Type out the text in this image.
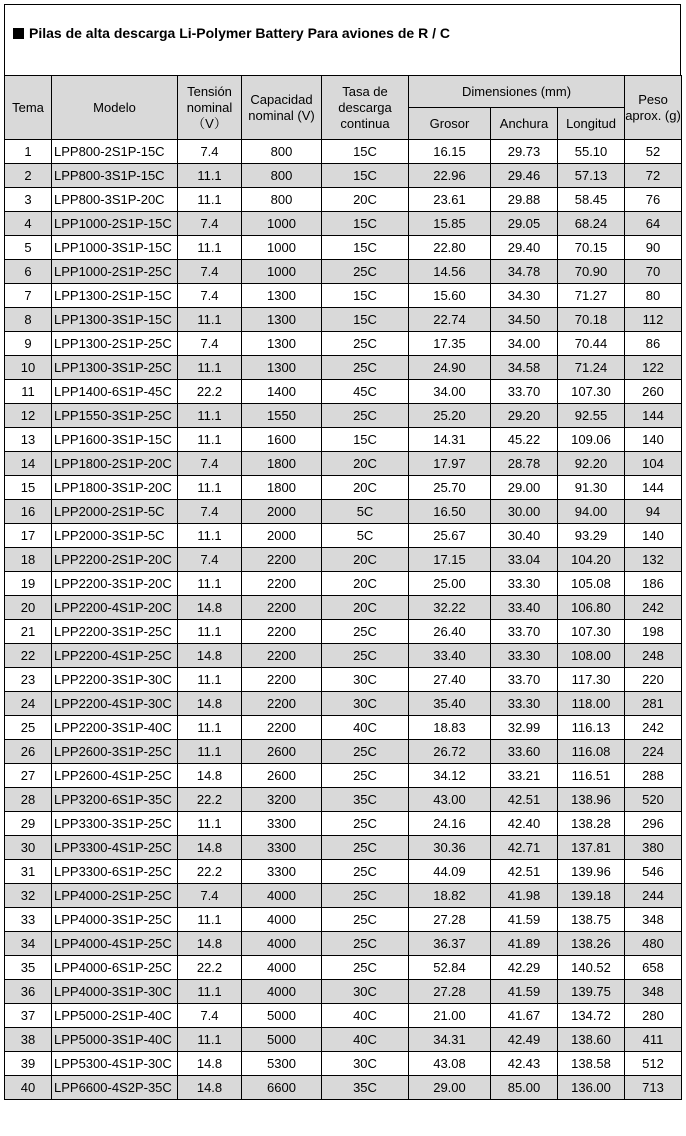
Pilas de alta descarga Li-Polymer Battery Para aviones de R / C
Tema	Modelo	Tensión nominal （V）	Capacidad nominal (V)	Tasa de descarga continua	Dimensiones (mm)			Peso aprox. (g)
					Grosor	Anchura	Longitud	
1	LPP800-2S1P-15C	7.4	800	15C	16.15	29.73	55.10	52
2	LPP800-3S1P-15C	11.1	800	15C	22.96	29.46	57.13	72
3	LPP800-3S1P-20C	11.1	800	20C	23.61	29.88	58.45	76
4	LPP1000-2S1P-15C	7.4	1000	15C	15.85	29.05	68.24	64
5	LPP1000-3S1P-15C	11.1	1000	15C	22.80	29.40	70.15	90
6	LPP1000-2S1P-25C	7.4	1000	25C	14.56	34.78	70.90	70
7	LPP1300-2S1P-15C	7.4	1300	15C	15.60	34.30	71.27	80
8	LPP1300-3S1P-15C	11.1	1300	15C	22.74	34.50	70.18	112
9	LPP1300-2S1P-25C	7.4	1300	25C	17.35	34.00	70.44	86
10	LPP1300-3S1P-25C	11.1	1300	25C	24.90	34.58	71.24	122
11	LPP1400-6S1P-45C	22.2	1400	45C	34.00	33.70	107.30	260
12	LPP1550-3S1P-25C	11.1	1550	25C	25.20	29.20	92.55	144
13	LPP1600-3S1P-15C	11.1	1600	15C	14.31	45.22	109.06	140
14	LPP1800-2S1P-20C	7.4	1800	20C	17.97	28.78	92.20	104
15	LPP1800-3S1P-20C	11.1	1800	20C	25.70	29.00	91.30	144
16	LPP2000-2S1P-5C	7.4	2000	5C	16.50	30.00	94.00	94
17	LPP2000-3S1P-5C	11.1	2000	5C	25.67	30.40	93.29	140
18	LPP2200-2S1P-20C	7.4	2200	20C	17.15	33.04	104.20	132
19	LPP2200-3S1P-20C	11.1	2200	20C	25.00	33.30	105.08	186
20	LPP2200-4S1P-20C	14.8	2200	20C	32.22	33.40	106.80	242
21	LPP2200-3S1P-25C	11.1	2200	25C	26.40	33.70	107.30	198
22	LPP2200-4S1P-25C	14.8	2200	25C	33.40	33.30	108.00	248
23	LPP2200-3S1P-30C	11.1	2200	30C	27.40	33.70	117.30	220
24	LPP2200-4S1P-30C	14.8	2200	30C	35.40	33.30	118.00	281
25	LPP2200-3S1P-40C	11.1	2200	40C	18.83	32.99	116.13	242
26	LPP2600-3S1P-25C	11.1	2600	25C	26.72	33.60	116.08	224
27	LPP2600-4S1P-25C	14.8	2600	25C	34.12	33.21	116.51	288
28	LPP3200-6S1P-35C	22.2	3200	35C	43.00	42.51	138.96	520
29	LPP3300-3S1P-25C	11.1	3300	25C	24.16	42.40	138.28	296
30	LPP3300-4S1P-25C	14.8	3300	25C	30.36	42.71	137.81	380
31	LPP3300-6S1P-25C	22.2	3300	25C	44.09	42.51	139.96	546
32	LPP4000-2S1P-25C	7.4	4000	25C	18.82	41.98	139.18	244
33	LPP4000-3S1P-25C	11.1	4000	25C	27.28	41.59	138.75	348
34	LPP4000-4S1P-25C	14.8	4000	25C	36.37	41.89	138.26	480
35	LPP4000-6S1P-25C	22.2	4000	25C	52.84	42.29	140.52	658
36	LPP4000-3S1P-30C	11.1	4000	30C	27.28	41.59	139.75	348
37	LPP5000-2S1P-40C	7.4	5000	40C	21.00	41.67	134.72	280
38	LPP5000-3S1P-40C	11.1	5000	40C	34.31	42.49	138.60	411
39	LPP5300-4S1P-30C	14.8	5300	30C	43.08	42.43	138.58	512
40	LPP6600-4S2P-35C	14.8	6600	35C	29.00	85.00	136.00	713
